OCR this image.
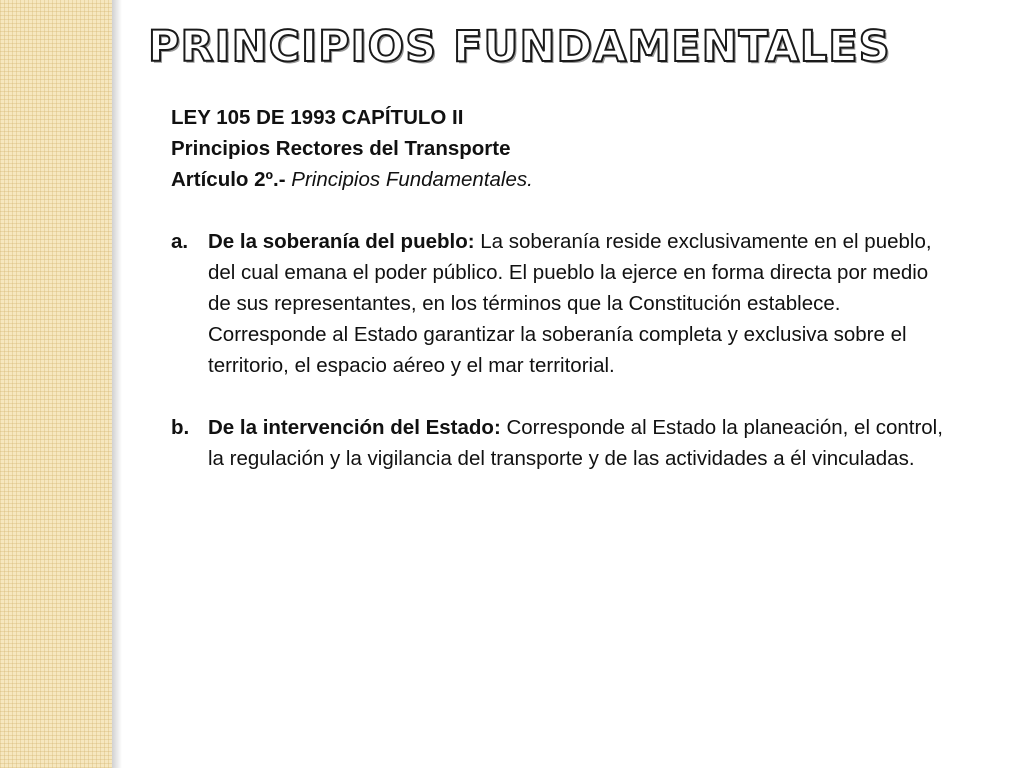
PRINCIPIOS FUNDAMENTALES

LEY 105 DE 1993 CAPÍTULO II

Principios Rectores del Transporte

Artículo 2º.- Principios Fundamentales.

a. De la soberanía del pueblo: La soberanía reside exclusivamente en el pueblo, del cual emana el poder público. El pueblo la ejerce en forma directa por medio de sus representantes, en los términos que la Constitución establece. Corresponde al Estado garantizar la soberanía completa y exclusiva sobre el territorio, el espacio aéreo y el mar territorial.

b. De la intervención del Estado: Corresponde al Estado la planeación, el control, la regulación y la vigilancia del transporte y de las actividades a él vinculadas.
